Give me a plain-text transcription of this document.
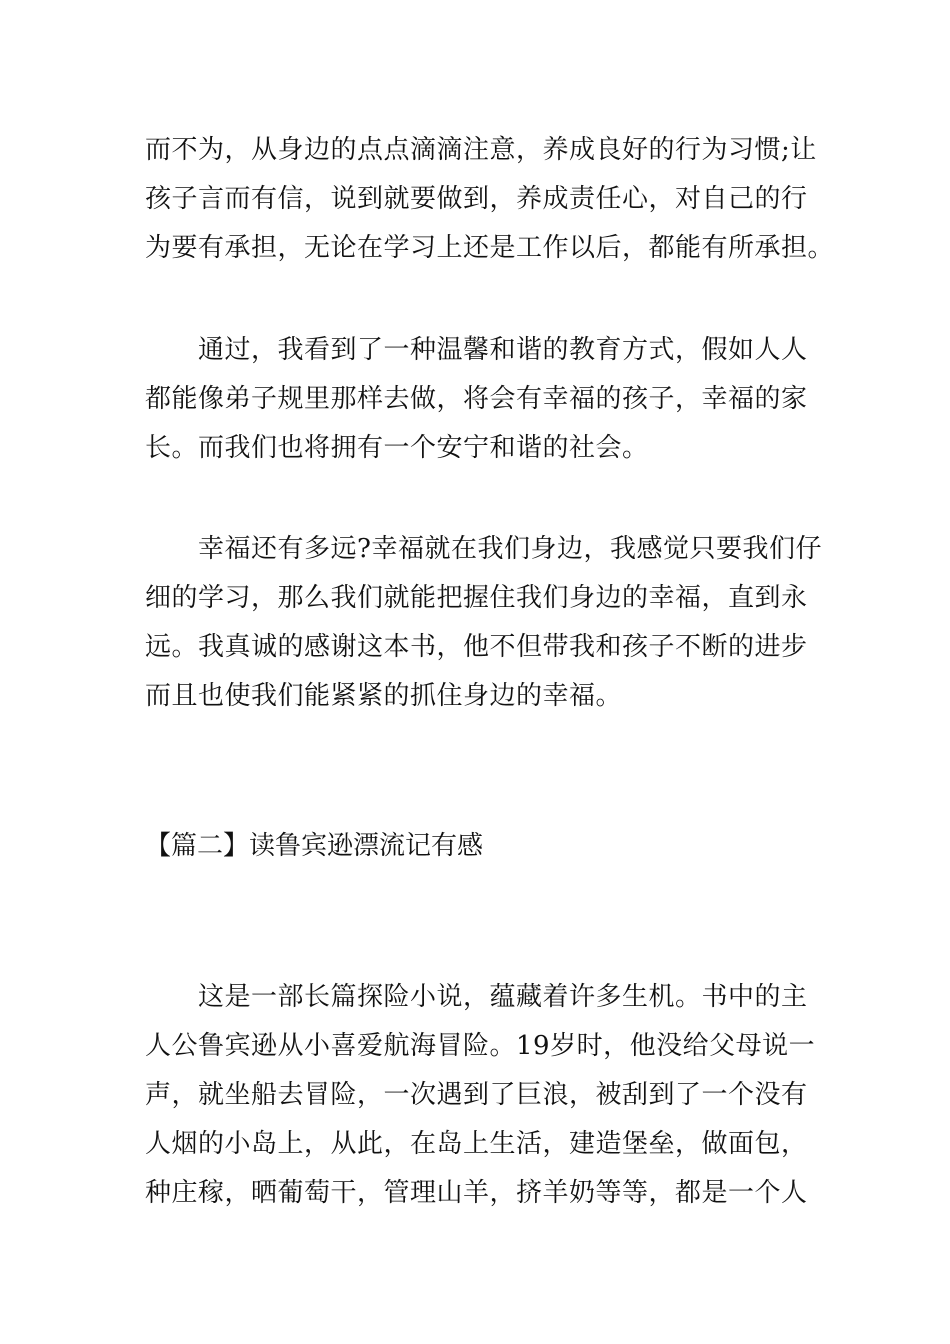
而不为，从身边的点点滴滴注意，养成良好的行为习惯;让
孩子言而有信，说到就要做到，养成责任心，对自己的行
为要有承担，无论在学习上还是工作以后，都能有所承担。
　　通过，我看到了一种温馨和谐的教育方式，假如人人
都能像弟子规里那样去做，将会有幸福的孩子，幸福的家
长。而我们也将拥有一个安宁和谐的社会。
　　幸福还有多远?幸福就在我们身边，我感觉只要我们仔
细的学习，那么我们就能把握住我们身边的幸福，直到永
远。我真诚的感谢这本书，他不但带我和孩子不断的进步
而且也使我们能紧紧的抓住身边的幸福。
【篇二】读鲁宾逊漂流记有感
　　这是一部长篇探险小说，蕴藏着许多生机。书中的主
人公鲁宾逊从小喜爱航海冒险。19岁时，他没给父母说一
声，就坐船去冒险，一次遇到了巨浪，被刮到了一个没有
人烟的小岛上，从此，在岛上生活，建造堡垒，做面包，
种庄稼，晒葡萄干，管理山羊，挤羊奶等等，都是一个人
